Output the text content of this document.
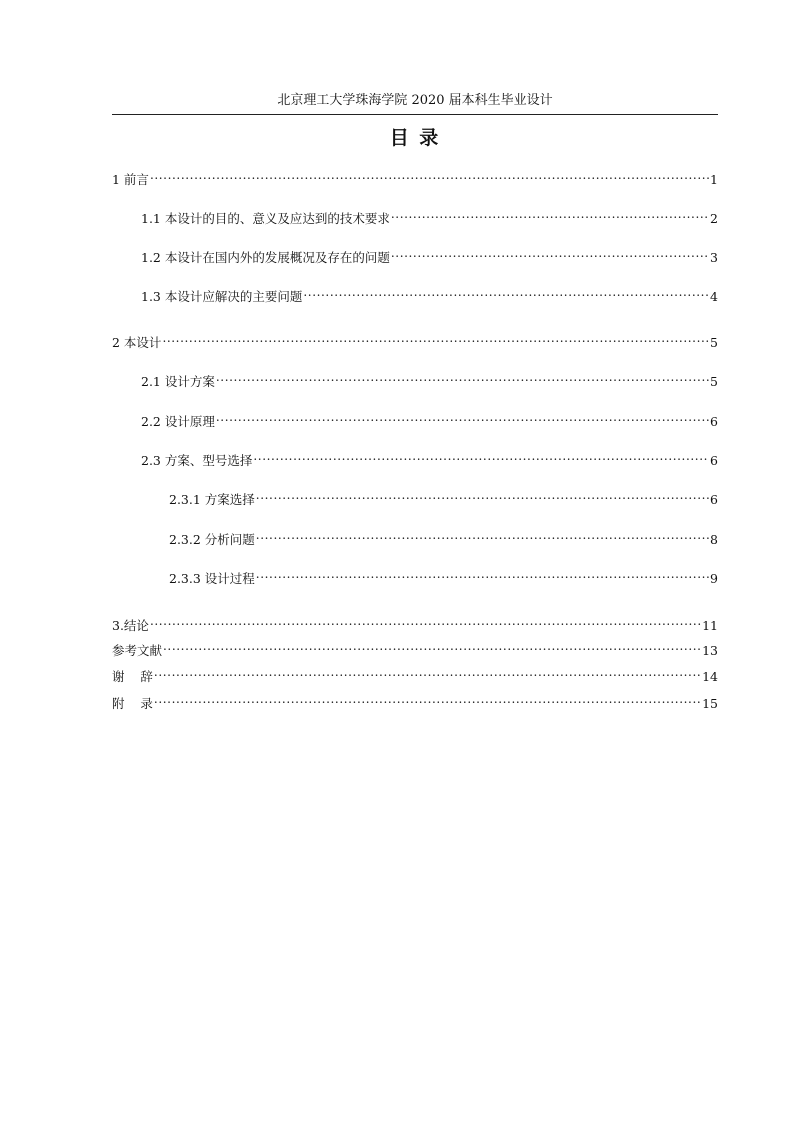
北京理工大学珠海学院 2020 届本科生毕业设计
目 录
1 前言 .....	1
1.1 本设计的目的、意义及应达到的技术要求 .....	2
1.2 本设计在国内外的发展概况及存在的问题 .....	3
1.3 本设计应解决的主要问题 .....	4
2 本设计 .....	5
2.1 设计方案 .....	5
2.2 设计原理 .....	6
2.3 方案、型号选择 .....	6
2.3.1 方案选择 .....	6
2.3.2 分析问题 .....	8
2.3.3 设计过程 .....	9
3.结论 .....	11
参考文献 .....	13
谢    辞 .....	14
附    录 .....	15
